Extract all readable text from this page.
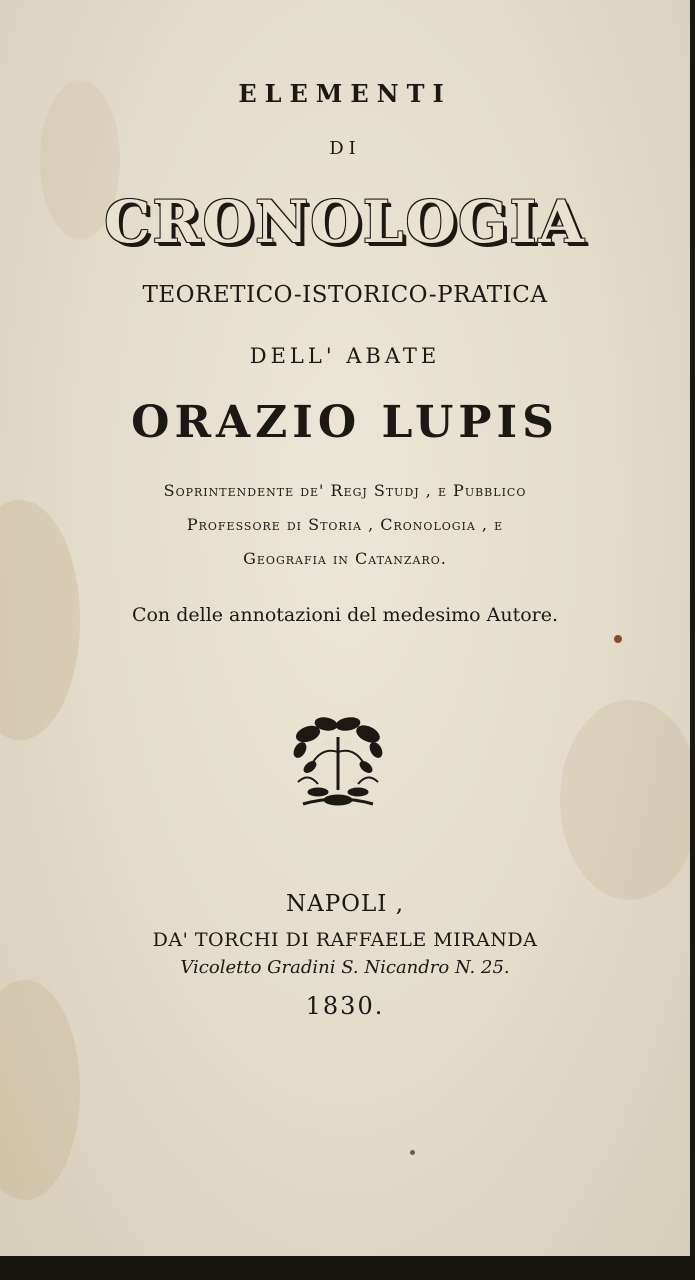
ELEMENTI
DI
CRONOLOGIA
TEORETICO-ISTORICO-PRATICA
DELL' ABATE
ORAZIO LUPIS
Soprintendente de' Regj Studj , e Pubblico
Professore di Storia , Cronologia , e
Geografia in Catanzaro.
Con delle annotazioni del medesimo Autore.
NAPOLI ,
DA' TORCHI DI RAFFAELE MIRANDA
Vicoletto Gradini S. Nicandro N. 25.
1830.
